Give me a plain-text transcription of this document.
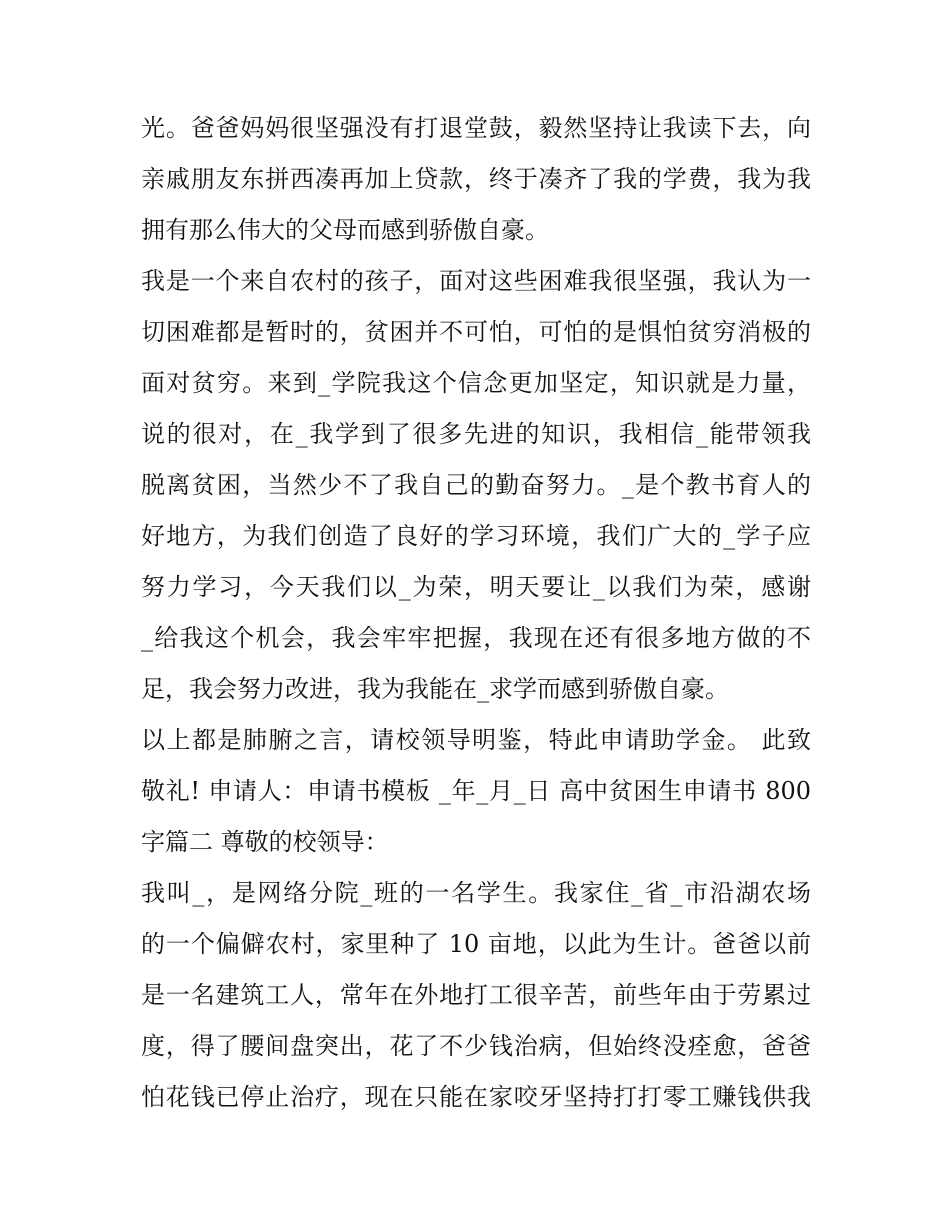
光。爸爸妈妈很坚强没有打退堂鼓，毅然坚持让我读下去，向
亲戚朋友东拼西凑再加上贷款，终于凑齐了我的学费，我为我
拥有那么伟大的父母而感到骄傲自豪。
我是一个来自农村的孩子，面对这些困难我很坚强，我认为一
切困难都是暂时的，贫困并不可怕，可怕的是惧怕贫穷消极的
面对贫穷。来到_学院我这个信念更加坚定，知识就是力量，
说的很对，在_我学到了很多先进的知识，我相信_能带领我
脱离贫困，当然少不了我自己的勤奋努力。_是个教书育人的
好地方，为我们创造了良好的学习环境，我们广大的_学子应
努力学习，今天我们以_为荣，明天要让_以我们为荣，感谢
_给我这个机会，我会牢牢把握，我现在还有很多地方做的不
足，我会努力改进，我为我能在_求学而感到骄傲自豪。
以上都是肺腑之言，请校领导明鉴，特此申请助学金。 此致
敬礼! 申请人：申请书模板 _年_月_日 高中贫困生申请书 800
字篇二 尊敬的校领导：
我叫_，是网络分院_班的一名学生。我家住_省_市沿湖农场
的一个偏僻农村，家里种了 10 亩地，以此为生计。爸爸以前
是一名建筑工人，常年在外地打工很辛苦，前些年由于劳累过
度，得了腰间盘突出，花了不少钱治病，但始终没痊愈，爸爸
怕花钱已停止治疗，现在只能在家咬牙坚持打打零工赚钱供我
